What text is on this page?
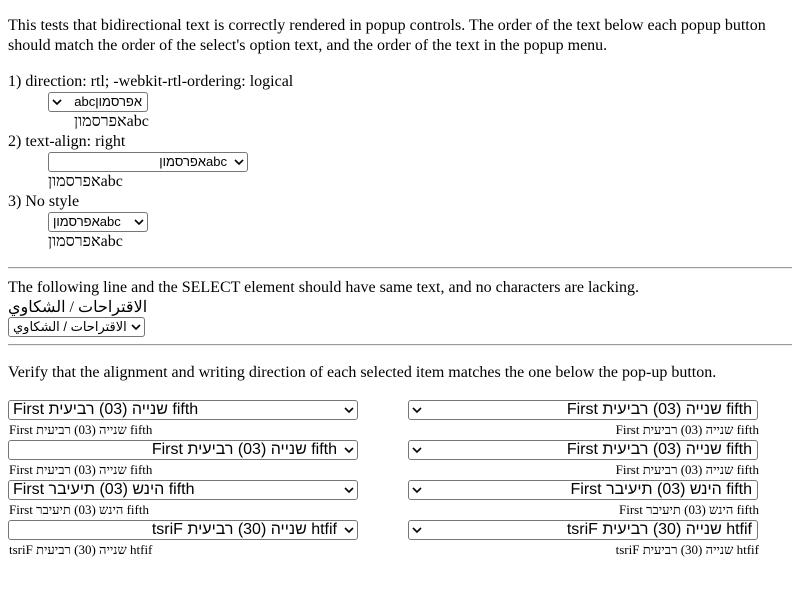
This tests that bidirectional text is correctly rendered in popup controls. The order of the text below each popup button should match the order of the select's option text, and the order of the text in the popup menu.
1) direction: rtl; -webkit-rtl-ordering: logical
abcאפרסמון
abcאפרסמון
2) text-align: right
אפרסמוןabc
אפרסמוןabc
3) No style
אפרסמוןabc
אפרסמוןabc
The following line and the SELECT element should have same text, and no characters are lacking.
الاقتراحات / الشكاوي
الاقتراحات / الشكاوي
Verify that the alignment and writing direction of each selected item matches the one below the pop-up button.
First שנייה (03) רביעית fifth
First שנייה (03) רביעית fifth
First שנייה (03) רביעית fifth
First שנייה (03) רביעית fifth
First שנייה (03) רביעית fifth
First שנייה (03) רביעית fifth
First שנייה (03) רביעית fifth
First שנייה (03) רביעית fifth
First הינש (03) תיעיבר fifth
First הינש (03) תיעיבר fifth
First הינש (03) תיעיבר fifth
First הינש (03) תיעיבר fifth
tsriF שנייה (30) רביעית htfif
tsriF שנייה (30) רביעית htfif
tsriF שנייה (30) רביעית htfif
tsriF שנייה (30) רביעית htfif
